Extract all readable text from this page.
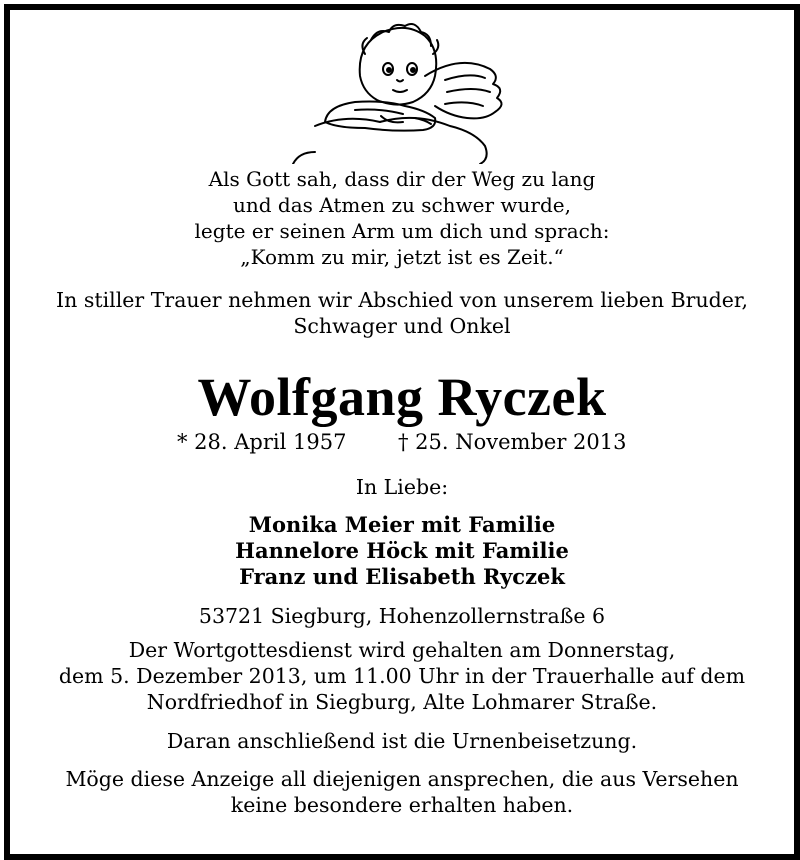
Als Gott sah, dass dir der Weg zu lang
und das Atmen zu schwer wurde,
legte er seinen Arm um dich und sprach:
„Komm zu mir, jetzt ist es Zeit.“
In stiller Trauer nehmen wir Abschied von unserem lieben Bruder,
Schwager und Onkel
Wolfgang Ryczek
* 28. April 1957 † 25. November 2013
In Liebe:
Monika Meier mit Familie
Hannelore Höck mit Familie
Franz und Elisabeth Ryczek
53721 Siegburg, Hohenzollernstraße 6
Der Wortgottesdienst wird gehalten am Donnerstag,
dem 5. Dezember 2013, um 11.00 Uhr in der Trauerhalle auf dem
Nordfriedhof in Siegburg, Alte Lohmarer Straße.
Daran anschließend ist die Urnenbeisetzung.
Möge diese Anzeige all diejenigen ansprechen, die aus Versehen
keine besondere erhalten haben.
